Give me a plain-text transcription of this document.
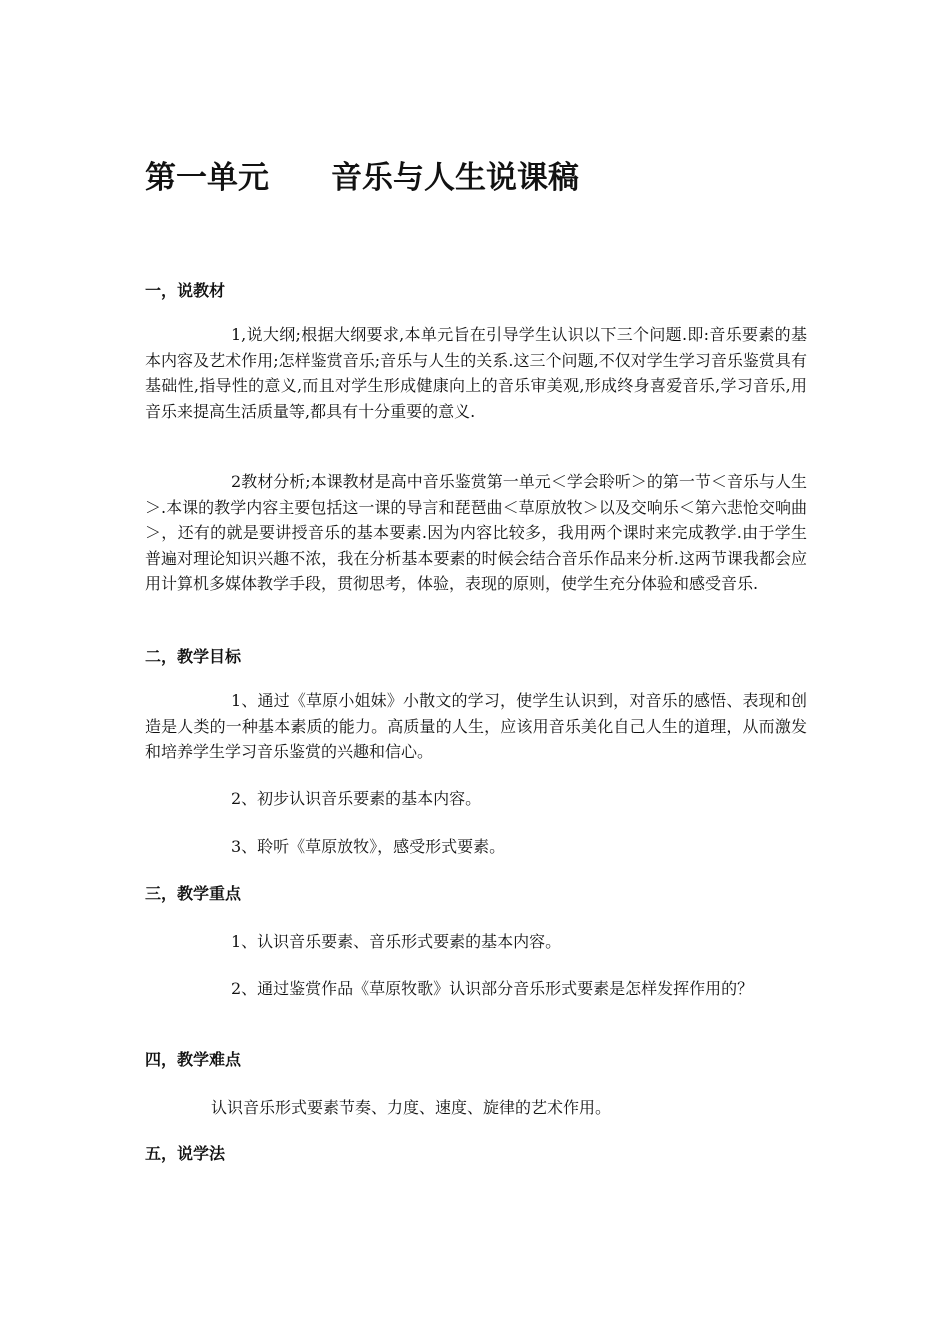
第一单元　　音乐与人生说课稿
一，说教材

1,说大纲;根据大纲要求,本单元旨在引导学生认识以下三个问题.即:音乐要素的基本内容及艺术作用;怎样鉴赏音乐;音乐与人生的关系.这三个问题,不仅对学生学习音乐鉴赏具有基础性,指导性的意义,而且对学生形成健康向上的音乐审美观,形成终身喜爱音乐,学习音乐,用音乐来提高生活质量等,都具有十分重要的意义.

2教材分析;本课教材是高中音乐鉴赏第一单元＜学会聆听＞的第一节＜音乐与人生＞.本课的教学内容主要包括这一课的导言和琵琶曲＜草原放牧＞以及交响乐＜第六悲怆交响曲＞，还有的就是要讲授音乐的基本要素.因为内容比较多，我用两个课时来完成教学.由于学生普遍对理论知识兴趣不浓，我在分析基本要素的时候会结合音乐作品来分析.这两节课我都会应用计算机多媒体教学手段，贯彻思考，体验，表现的原则，使学生充分体验和感受音乐.

二，教学目标

1、通过《草原小姐妹》小散文的学习，使学生认识到，对音乐的感悟、表现和创造是人类的一种基本素质的能力。高质量的人生，应该用音乐美化自己人生的道理，从而激发和培养学生学习音乐鉴赏的兴趣和信心。

2、初步认识音乐要素的基本内容。

3、聆听《草原放牧》，感受形式要素。

三，教学重点

1、认识音乐要素、音乐形式要素的基本内容。

2、通过鉴赏作品《草原牧歌》认识部分音乐形式要素是怎样发挥作用的？

四，教学难点

认识音乐形式要素节奏、力度、速度、旋律的艺术作用。

五，说学法
